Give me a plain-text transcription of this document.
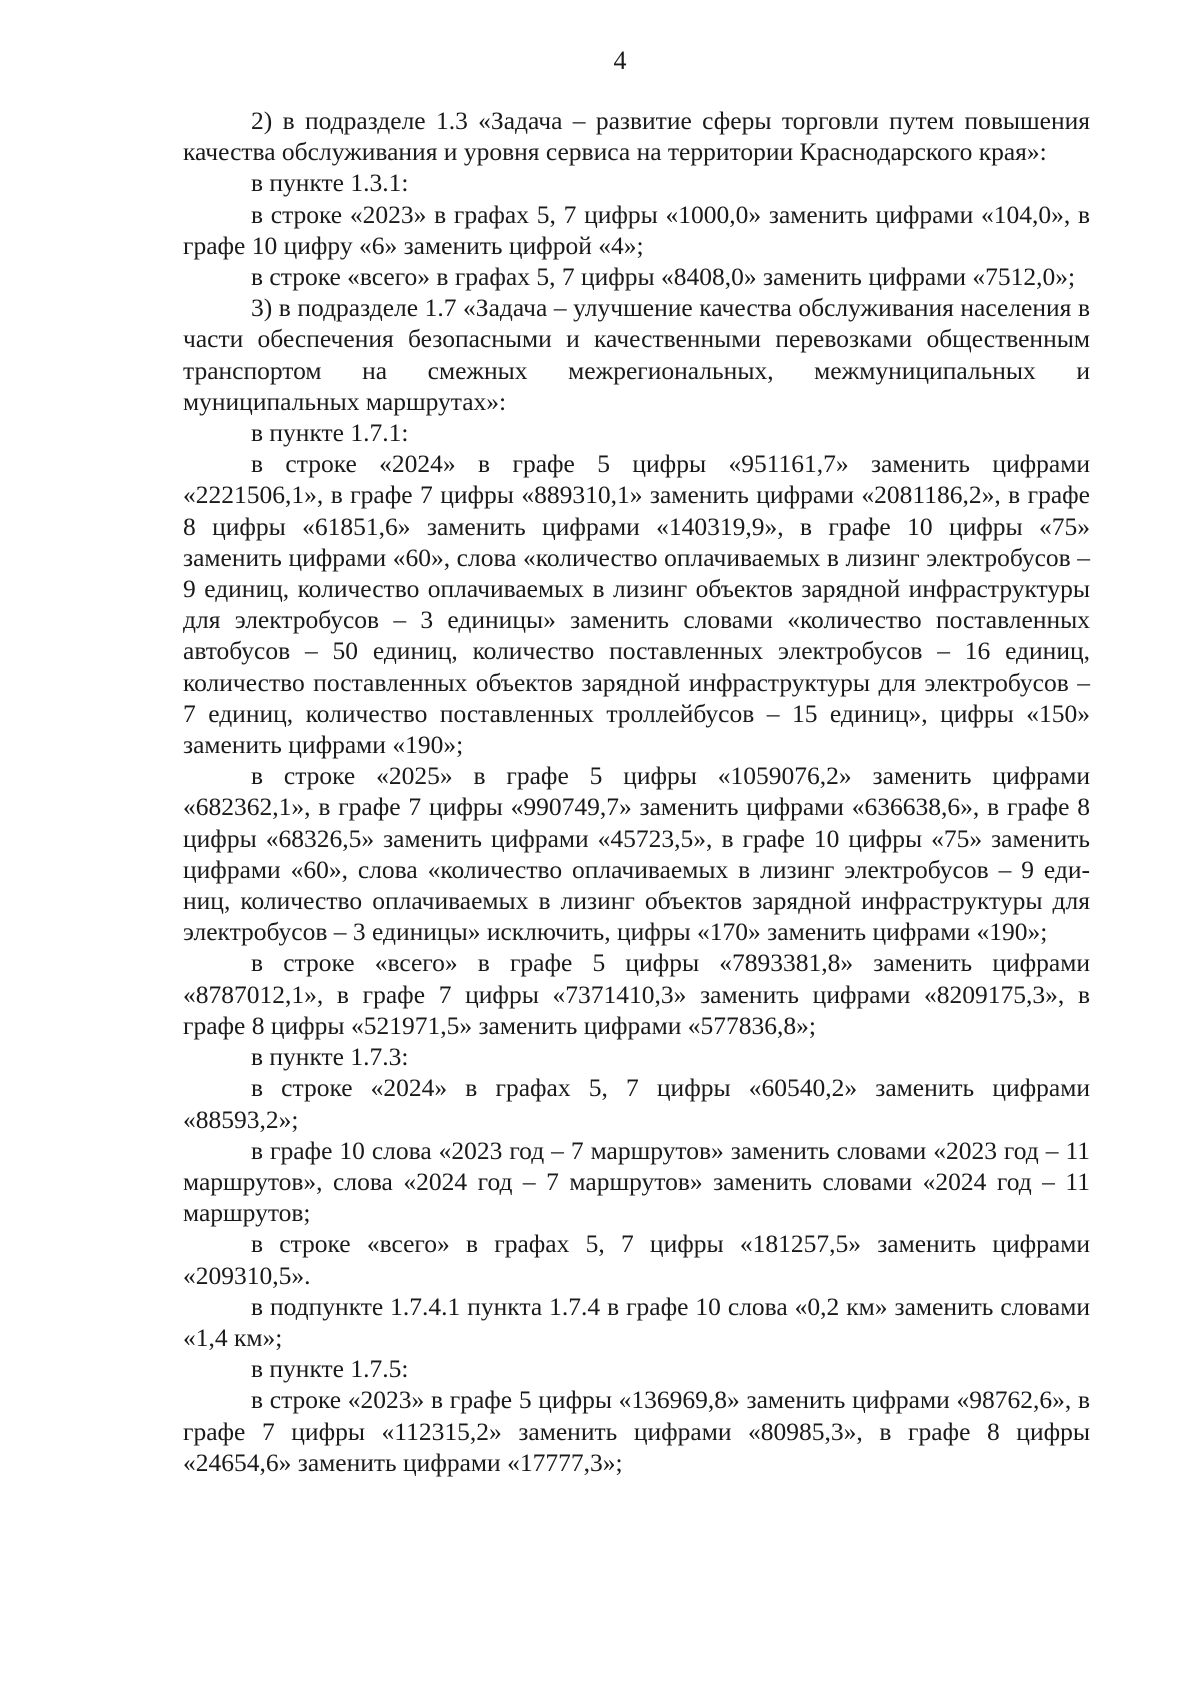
4

2) в подразделе 1.3 «Задача – развитие сферы торговли путем повышения качества обслуживания и уровня сервиса на территории Краснодарского края»:

в пункте 1.3.1:

в строке «2023» в графах 5, 7 цифры «1000,0» заменить цифрами «104,0», в графе 10 цифру «6» заменить цифрой «4»;

в строке «всего» в графах 5, 7 цифры «8408,0» заменить цифрами «7512,0»;

3) в подразделе 1.7 «Задача – улучшение качества обслуживания населения в части обеспечения безопасными и качественными перевозками общественным транспортом на смежных межрегиональных, межмуниципальных и муниципальных маршрутах»:

в пункте 1.7.1:

в строке «2024» в графе 5 цифры «951161,7» заменить цифрами «2221506,1», в графе 7 цифры «889310,1» заменить цифрами «2081186,2», в графе 8 цифры «61851,6» заменить цифрами «140319,9», в графе 10 цифры «75» заменить цифрами «60», слова «количество оплачиваемых в лизинг электробусов – 9 единиц, количество оплачиваемых в лизинг объектов зарядной инфраструктуры для электробусов – 3 единицы» заменить словами «количество поставленных автобусов – 50 единиц, количество поставленных электробусов – 16 единиц, количество поставленных объектов зарядной инфраструктуры для электробусов – 7 единиц, количество поставленных троллейбусов – 15 единиц», цифры «150» заменить цифрами «190»;

в строке «2025» в графе 5 цифры «1059076,2» заменить цифрами «682362,1», в графе 7 цифры «990749,7» заменить цифрами «636638,6», в графе 8 цифры «68326,5» заменить цифрами «45723,5», в графе 10 цифры «75» заменить цифрами «60», слова «количество оплачиваемых в лизинг электробусов – 9 единиц, количество оплачиваемых в лизинг объектов зарядной инфраструктуры для электробусов – 3 единицы» исключить, цифры «170» заменить цифрами «190»;

в строке «всего» в графе 5 цифры «7893381,8» заменить цифрами «8787012,1», в графе 7 цифры «7371410,3» заменить цифрами «8209175,3», в графе 8 цифры «521971,5» заменить цифрами «577836,8»;

в пункте 1.7.3:

в строке «2024» в графах 5, 7 цифры «60540,2» заменить цифрами «88593,2»;

в графе 10 слова «2023 год – 7 маршрутов» заменить словами «2023 год – 11 маршрутов», слова «2024 год – 7 маршрутов» заменить словами «2024 год – 11 маршрутов;

в строке «всего» в графах 5, 7 цифры «181257,5» заменить цифрами «209310,5».

в подпункте 1.7.4.1 пункта 1.7.4 в графе 10 слова «0,2 км» заменить словами «1,4 км»;

в пункте 1.7.5:

в строке «2023» в графе 5 цифры «136969,8» заменить цифрами «98762,6», в графе 7 цифры «112315,2» заменить цифрами «80985,3», в графе 8 цифры «24654,6» заменить цифрами «17777,3»;
